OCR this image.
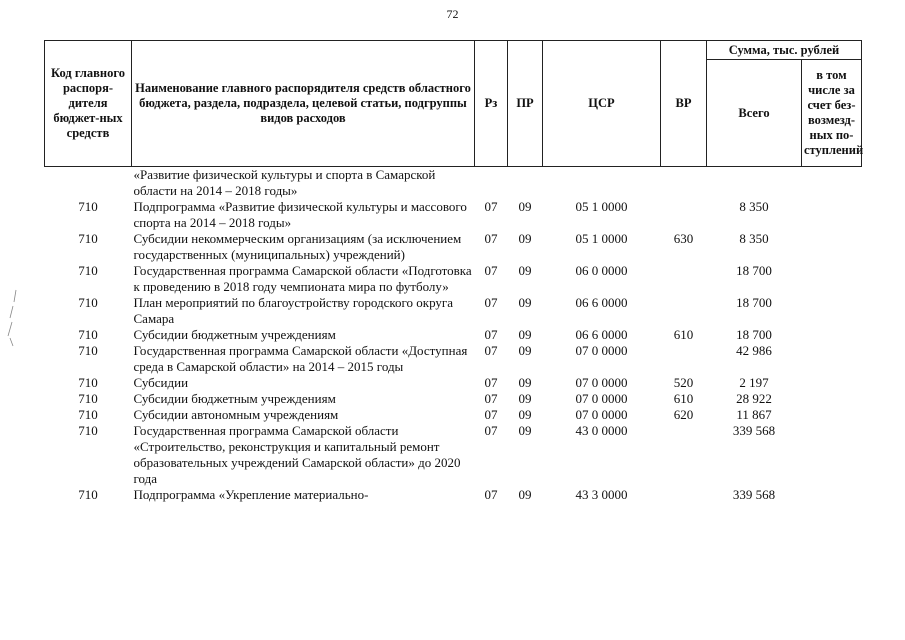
72
Код главного распоря-дителя бюджет-ных средств	Наименование главного распорядителя средств областного бюджета, раздела, подраздела, целевой статьи, подгруппы видов расходов	Рз	ПР	ЦСР	ВР	Сумма, тыс. рублей	
						Всего	в том числе за счет без-возмезд-ных по-ступлений
	«Развитие физической культуры и спорта в Самарской области на 2014 – 2018 годы»						
710	Подпрограмма «Развитие физической культуры и массового спорта на 2014 – 2018 годы»	07	09	05 1 0000		8 350	
710	Субсидии некоммерческим организациям (за исключением государственных (муниципальных) учреждений)	07	09	05 1 0000	630	8 350	
710	Государственная программа Самарской области «Подготовка к проведению в 2018 году чемпионата мира по футболу»	07	09	06 0 0000		18 700	
710	План мероприятий по благоустройству городского округа Самара	07	09	06 6 0000		18 700	
710	Субсидии бюджетным учреждениям	07	09	06 6 0000	610	18 700	
710	Государственная программа Самарской области «Доступная среда в Самарской области» на 2014 – 2015 годы	07	09	07 0 0000		42 986	
710	Субсидии	07	09	07 0 0000	520	2 197	
710	Субсидии бюджетным учреждениям	07	09	07 0 0000	610	28 922	
710	Субсидии автономным учреждениям	07	09	07 0 0000	620	11 867	
710	Государственная программа Самарской области «Строительство, реконструкция и капитальный ремонт образовательных учреждений Самарской области» до 2020 года	07	09	43 0 0000		339 568	
710	Подпрограмма «Укрепление материально-	07	09	43 3 0000		339 568	
